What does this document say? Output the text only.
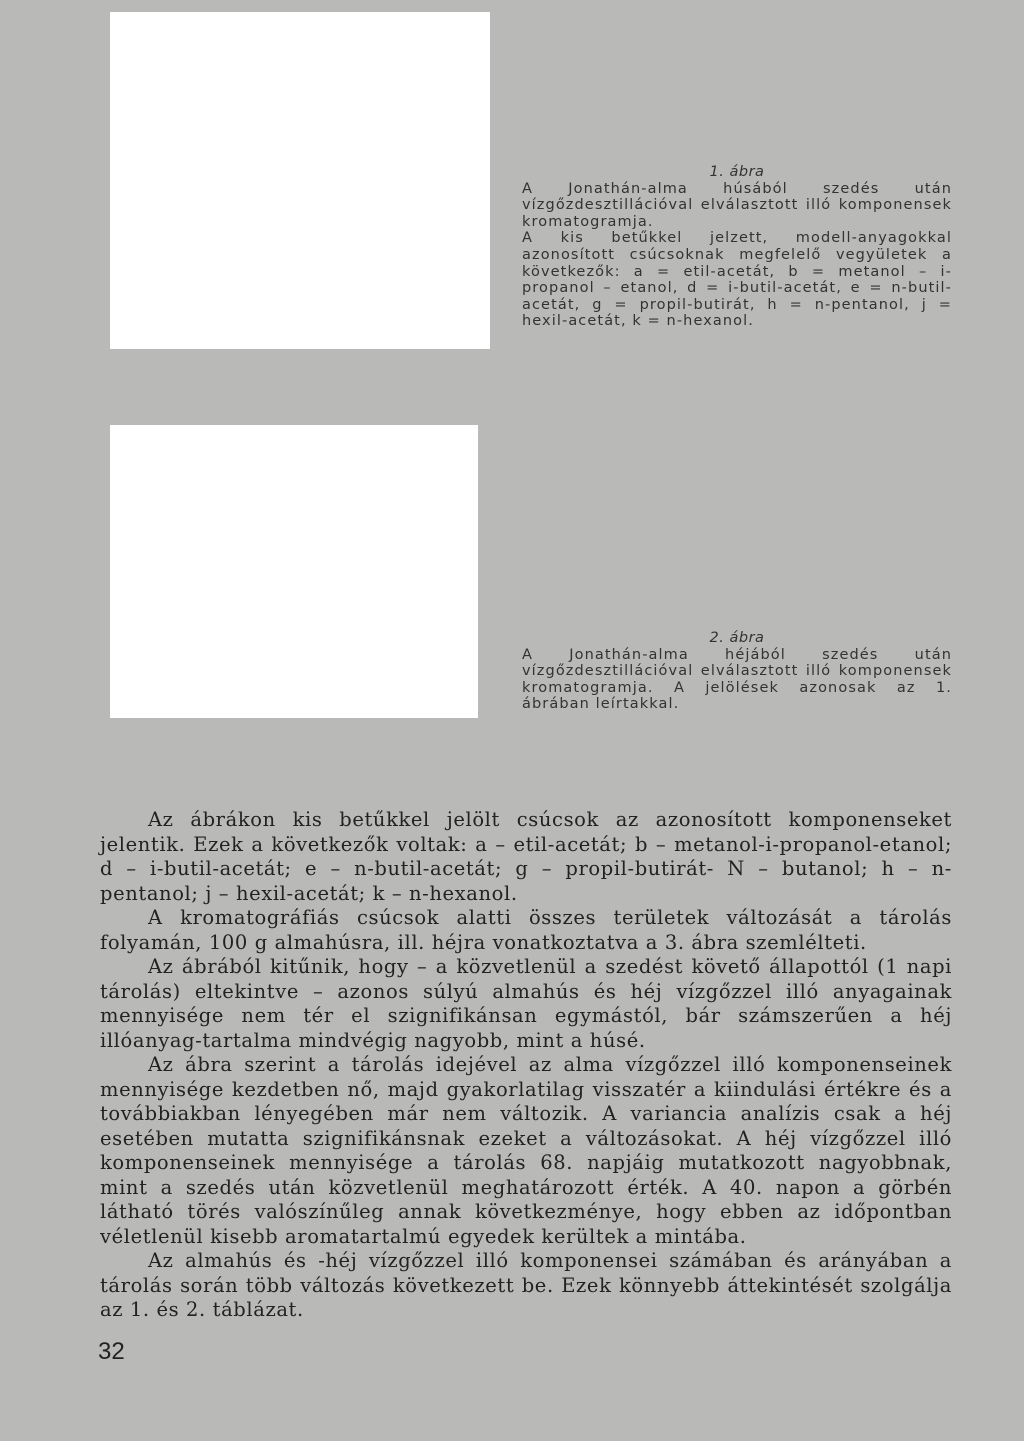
1. ábra

A Jonathán-alma húsából szedés után vízgőzdesztillációval elválasztott illó komponensek kromatogramja.

A kis betűkkel jelzett, modell-anyagokkal azonosított csúcsoknak megfelelő vegyületek a következők: a = etil-acetát, b = metanol – i-propanol – etanol, d = i-butil-acetát, e = n-butil-acetát, g = propil-butirát, h = n-pentanol, j = hexil-acetát, k = n-hexanol.

2. ábra

A Jonathán-alma héjából szedés után vízgőzdesztillációval elválasztott illó komponensek kromatogramja. A jelölések azonosak az 1. ábrában leírtakkal.

Az ábrákon kis betűkkel jelölt csúcsok az azonosított komponenseket jelentik. Ezek a következők voltak: a – etil-acetát; b – metanol-i-propanol-etanol; d – i-butil-acetát; e – n-butil-acetát; g – propil-butirát- N – butanol; h – n-pentanol; j – hexil-acetát; k – n-hexanol.

A kromatográfiás csúcsok alatti összes területek változását a tárolás folyamán, 100 g almahúsra, ill. héjra vonatkoztatva a 3. ábra szemlélteti.

Az ábrából kitűnik, hogy – a közvetlenül a szedést követő állapottól (1 napi tárolás) eltekintve – azonos súlyú almahús és héj vízgőzzel illó anyagainak mennyisége nem tér el szignifikánsan egymástól, bár számszerűen a héj illóanyag-tartalma mindvégig nagyobb, mint a húsé.

Az ábra szerint a tárolás idejével az alma vízgőzzel illó komponenseinek mennyisége kezdetben nő, majd gyakorlatilag visszatér a kiindulási értékre és a továbbiakban lényegében már nem változik. A variancia analízis csak a héj esetében mutatta szignifikánsnak ezeket a változásokat. A héj vízgőzzel illó komponenseinek mennyisége a tárolás 68. napjáig mutatkozott nagyobbnak, mint a szedés után közvetlenül meghatározott érték. A 40. napon a görbén látható törés valószínűleg annak következménye, hogy ebben az időpontban véletlenül kisebb aromatartalmú egyedek kerültek a mintába.

Az almahús és -héj vízgőzzel illó komponensei számában és arányában a tárolás során több változás következett be. Ezek könnyebb áttekintését szolgálja az 1. és 2. táblázat.

32
